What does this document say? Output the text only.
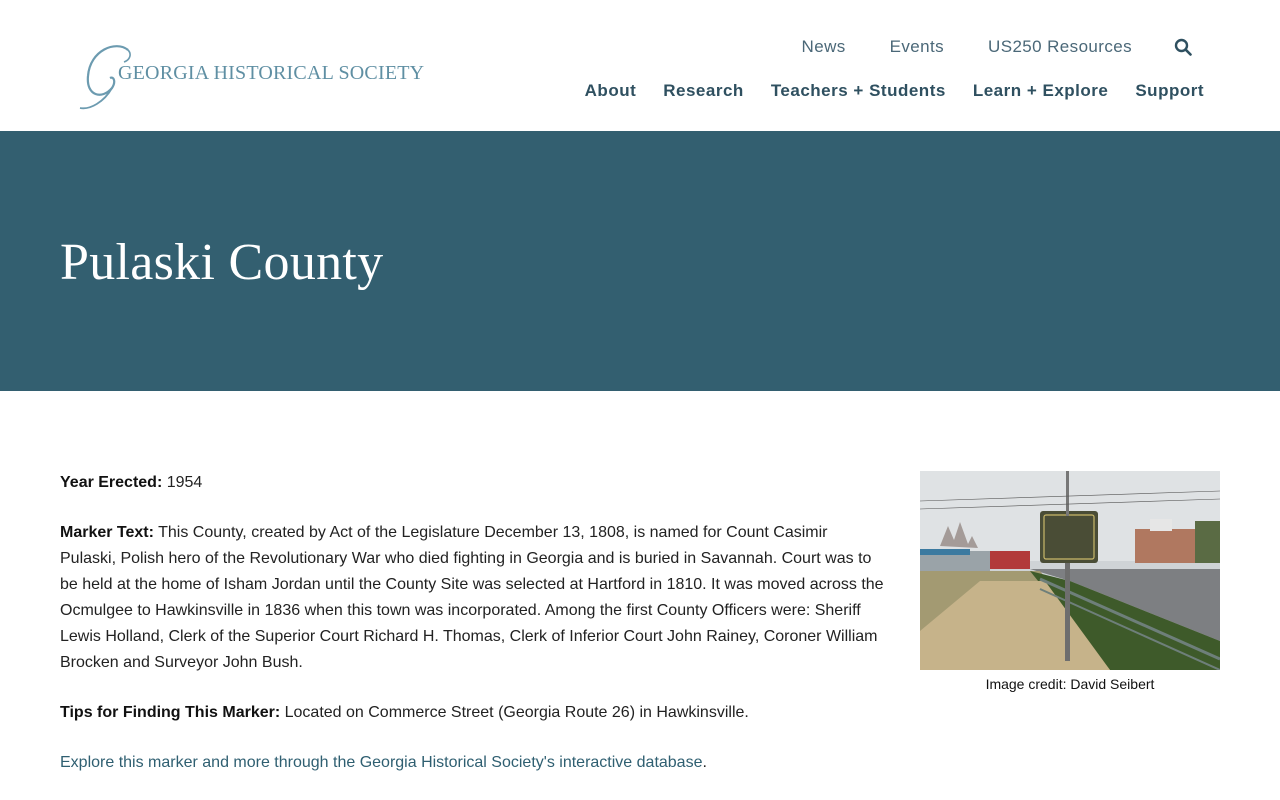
GEORGIA HISTORICAL SOCIETY
News	Events	US250 Resources
About Research Teachers + Students Learn + Explore Support
Pulaski County

Year Erected: 1954

Marker Text: This County, created by Act of the Legislature December 13, 1808, is named for Count Casimir Pulaski, Polish hero of the Revolutionary War who died fighting in Georgia and is buried in Savannah. Court was to be held at the home of Isham Jordan until the County Site was selected at Hartford in 1810. It was moved across the Ocmulgee to Hawkinsville in 1836 when this town was incorporated. Among the first County Officers were: Sheriff Lewis Holland, Clerk of the Superior Court Richard H. Thomas, Clerk of Inferior Court John Rainey, Coroner William Brocken and Surveyor John Bush.

Tips for Finding This Marker: Located on Commerce Street (Georgia Route 26) in Hawkinsville.

Explore this marker and more through the Georgia Historical Society's interactive database.

Image credit: David Seibert
